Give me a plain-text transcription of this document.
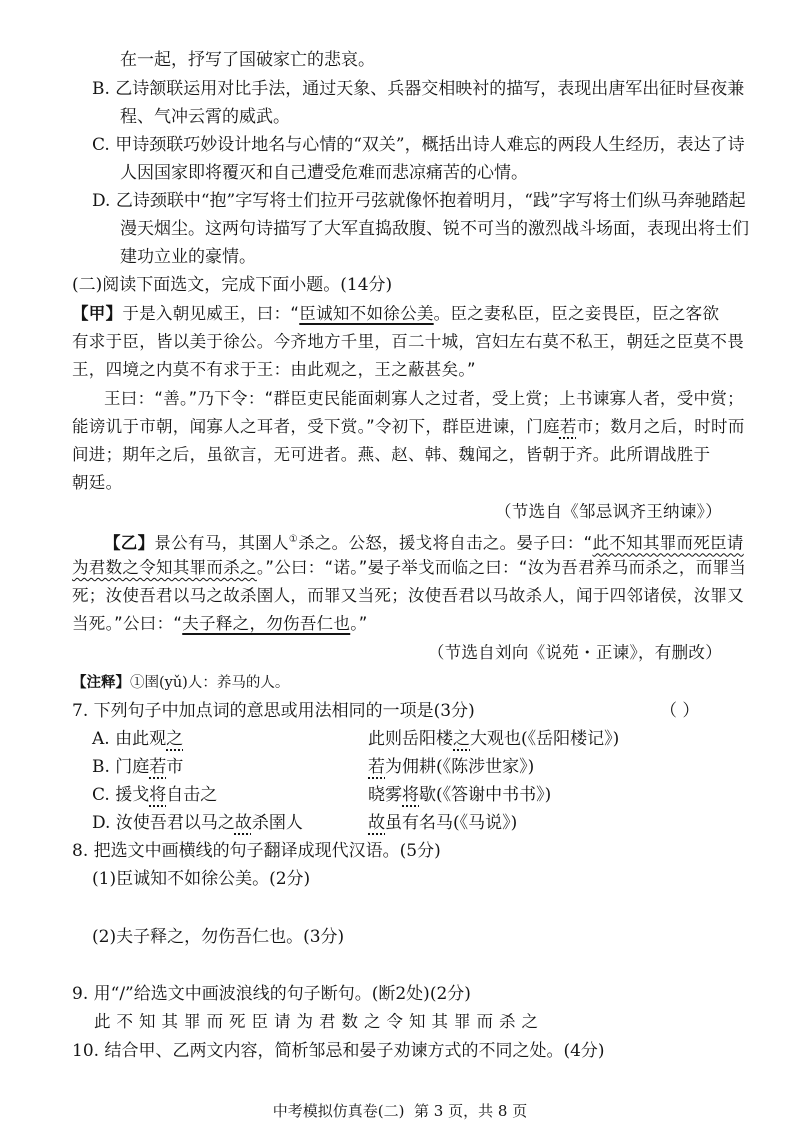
在一起，抒写了国破家亡的悲哀。
B. 乙诗颔联运用对比手法，通过天象、兵器交相映衬的描写，表现出唐军出征时昼夜兼
程、气冲云霄的威武。
C. 甲诗颈联巧妙设计地名与心情的“双关”，概括出诗人难忘的两段人生经历，表达了诗
人因国家即将覆灭和自己遭受危难而悲凉痛苦的心情。
D. 乙诗颈联中“抱”字写将士们拉开弓弦就像怀抱着明月，“践”字写将士们纵马奔驰踏起
漫天烟尘。这两句诗描写了大军直捣敌腹、锐不可当的激烈战斗场面，表现出将士们
建功立业的豪情。
(二)阅读下面选文，完成下面小题。(14分)
【甲】于是入朝见威王，曰：“臣诚知不如徐公美。臣之妻私臣，臣之妾畏臣，臣之客欲
有求于臣，皆以美于徐公。今齐地方千里，百二十城，宫妇左右莫不私王，朝廷之臣莫不畏
王，四境之内莫不有求于王：由此观之，王之蔽甚矣。”
王曰：“善。”乃下令：“群臣吏民能面刺寡人之过者，受上赏；上书谏寡人者，受中赏；
能谤讥于市朝，闻寡人之耳者，受下赏。”令初下，群臣进谏，门庭若市；数月之后，时时而
间进；期年之后，虽欲言，无可进者。燕、赵、韩、魏闻之，皆朝于齐。此所谓战胜于
朝廷。
（节选自《邹忌讽齐王纳谏》）
【乙】景公有马，其圉人①杀之。公怒，援戈将自击之。晏子曰：“此不知其罪而死臣请
为君数之令知其罪而杀之。”公曰：“诺。”晏子举戈而临之曰：“汝为吾君养马而杀之，而罪当
死；汝使吾君以马之故杀圉人，而罪又当死；汝使吾君以马故杀人，闻于四邻诸侯，汝罪又
当死。”公曰：“夫子释之，勿伤吾仁也。”
（节选自刘向《说苑・正谏》，有删改）
【注释】①圉(yǔ)人：养马的人。
7. 下列句子中加点词的意思或用法相同的一项是(3分)	（ ）
A. 由此观之	此则岳阳楼之大观也(《岳阳楼记》)
B. 门庭若市	若为佣耕(《陈涉世家》)
C. 援戈将自击之	晓雾将歇(《答谢中书书》)
D. 汝使吾君以马之故杀圉人	故虽有名马(《马说》)
8. 把选文中画横线的句子翻译成现代汉语。(5分)
(1)臣诚知不如徐公美。(2分)
(2)夫子释之，勿伤吾仁也。(3分)
9. 用“/”给选文中画波浪线的句子断句。(断2处)(2分)
此不知其罪而死臣请为君数之令知其罪而杀之
10. 结合甲、乙两文内容，简析邹忌和晏子劝谏方式的不同之处。(4分)
中考模拟仿真卷(二)  第 3 页，共 8 页
